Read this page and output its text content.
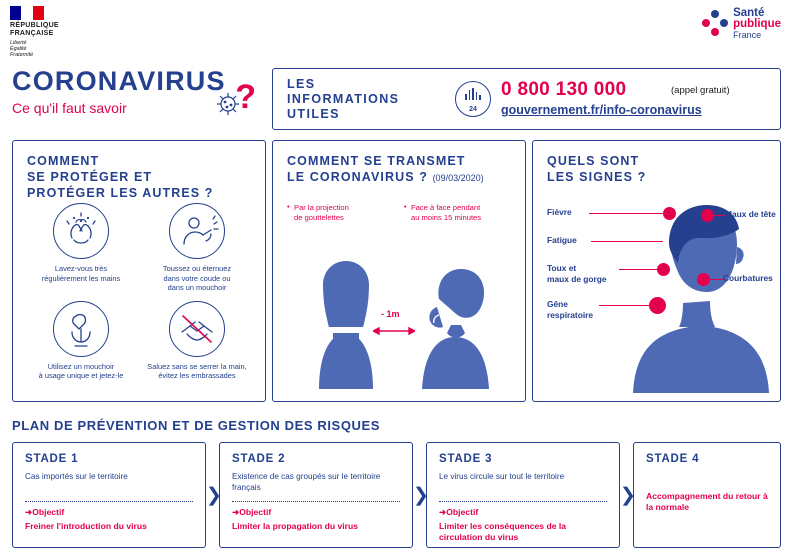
RÉPUBLIQUE
FRANÇAISE
Liberté
Égalité
Fraternité
Santé
publique
France
CORONAVIRUS
Ce qu'il faut savoir	? LES
INFORMATIONS
UTILES	24
0 800 130 000	(appel gratuit)
gouvernement.fr/info-coronavirus
COMMENT
SE PROTÉGER ET
PROTÉGER LES AUTRES ?
Lavez-vous très
régulièrement les mains
Toussez ou éternuez
dans votre coude ou
dans un mouchoir
Utilisez un mouchoir
à usage unique et jetez-le
Saluez sans se serrer la main,
évitez les embrassades
COMMENT SE TRANSMET
LE CORONAVIRUS ? (09/03/2020)
• Par la projection
de gouttelettes
• Face à face pendant
au moins 15 minutes
- 1m
QUELS SONT
LES SIGNES ?
Fièvre
Fatigue
Toux et
maux de gorge
Gêne
respiratoire
Maux de tête
Courbatures
PLAN DE PRÉVENTION ET DE GESTION DES RISQUES
STADE 1
Cas importés sur le territoire
➜Objectif
Freiner l'introduction du virus
❯
STADE 2
Existence de cas groupés sur le territoire français
➜Objectif
Limiter la propagation du virus
❯
STADE 3
Le virus circule sur tout le territoire
➜Objectif
Limiter les conséquences de la circulation du virus
❯
STADE 4
Accompagnement du retour à la normale
